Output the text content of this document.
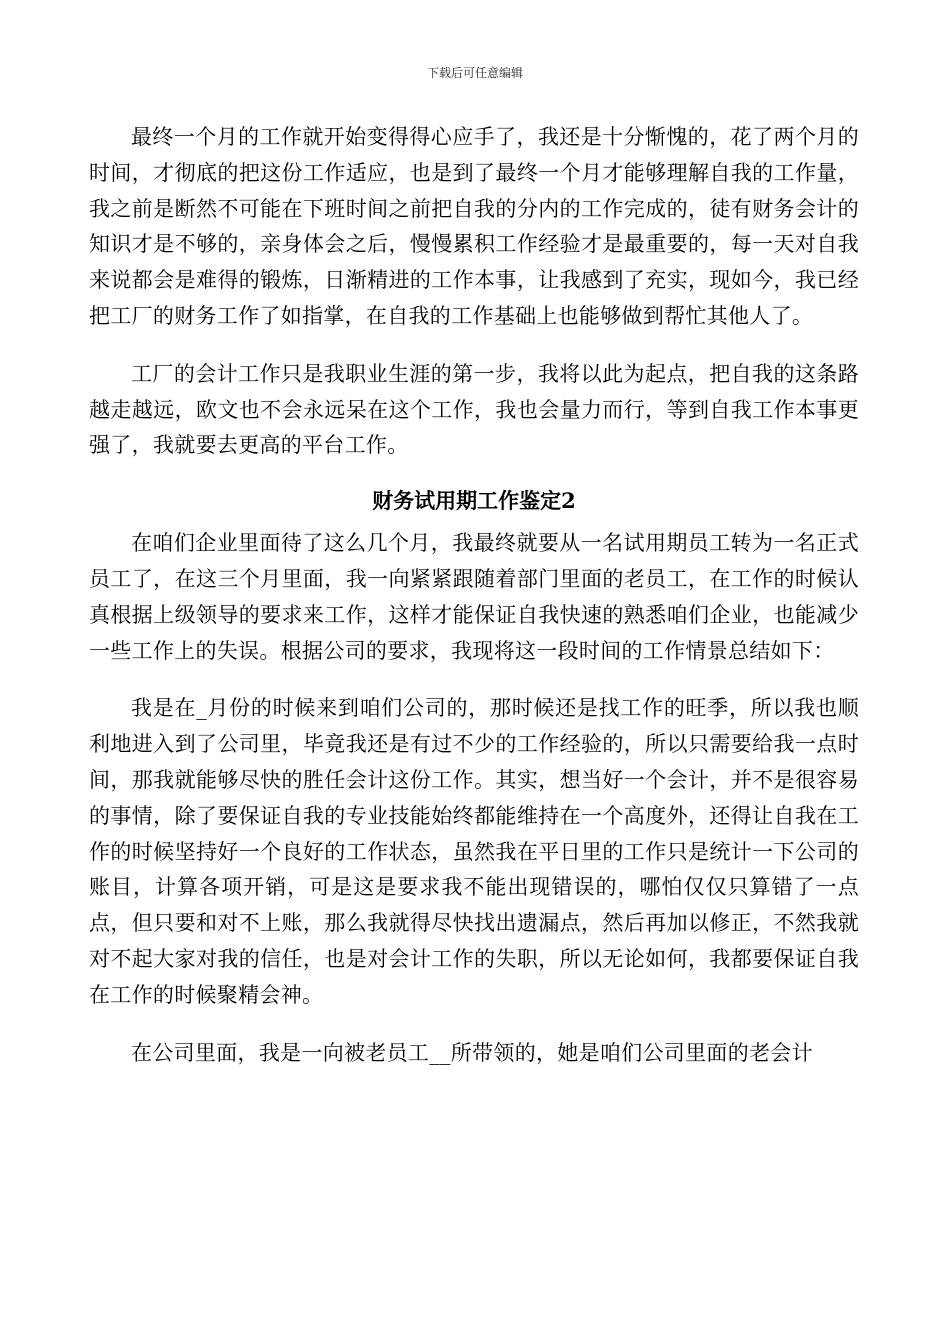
下载后可任意编辑

最终一个月的工作就开始变得得心应手了，我还是十分惭愧的，花了两个月的时间，才彻底的把这份工作适应，也是到了最终一个月才能够理解自我的工作量，我之前是断然不可能在下班时间之前把自我的分内的工作完成的，徒有财务会计的知识才是不够的，亲身体会之后，慢慢累积工作经验才是最重要的，每一天对自我来说都会是难得的锻炼，日渐精进的工作本事，让我感到了充实，现如今，我已经把工厂的财务工作了如指掌，在自我的工作基础上也能够做到帮忙其他人了。

工厂的会计工作只是我职业生涯的第一步，我将以此为起点，把自我的这条路越走越远，欧文也不会永远呆在这个工作，我也会量力而行，等到自我工作本事更强了，我就要去更高的平台工作。

财务试用期工作鉴定2

在咱们企业里面待了这么几个月，我最终就要从一名试用期员工转为一名正式员工了，在这三个月里面，我一向紧紧跟随着部门里面的老员工，在工作的时候认真根据上级领导的要求来工作，这样才能保证自我快速的熟悉咱们企业，也能减少一些工作上的失误。根据公司的要求，我现将这一段时间的工作情景总结如下：

我是在_月份的时候来到咱们公司的，那时候还是找工作的旺季，所以我也顺利地进入到了公司里，毕竟我还是有过不少的工作经验的，所以只需要给我一点时间，那我就能够尽快的胜任会计这份工作。其实，想当好一个会计，并不是很容易的事情，除了要保证自我的专业技能始终都能维持在一个高度外，还得让自我在工作的时候坚持好一个良好的工作状态，虽然我在平日里的工作只是统计一下公司的账目，计算各项开销，可是这是要求我不能出现错误的，哪怕仅仅只算错了一点点，但只要和对不上账，那么我就得尽快找出遗漏点，然后再加以修正，不然我就对不起大家对我的信任，也是对会计工作的失职，所以无论如何，我都要保证自我在工作的时候聚精会神。

在公司里面，我是一向被老员工__所带领的，她是咱们公司里面的老会计
